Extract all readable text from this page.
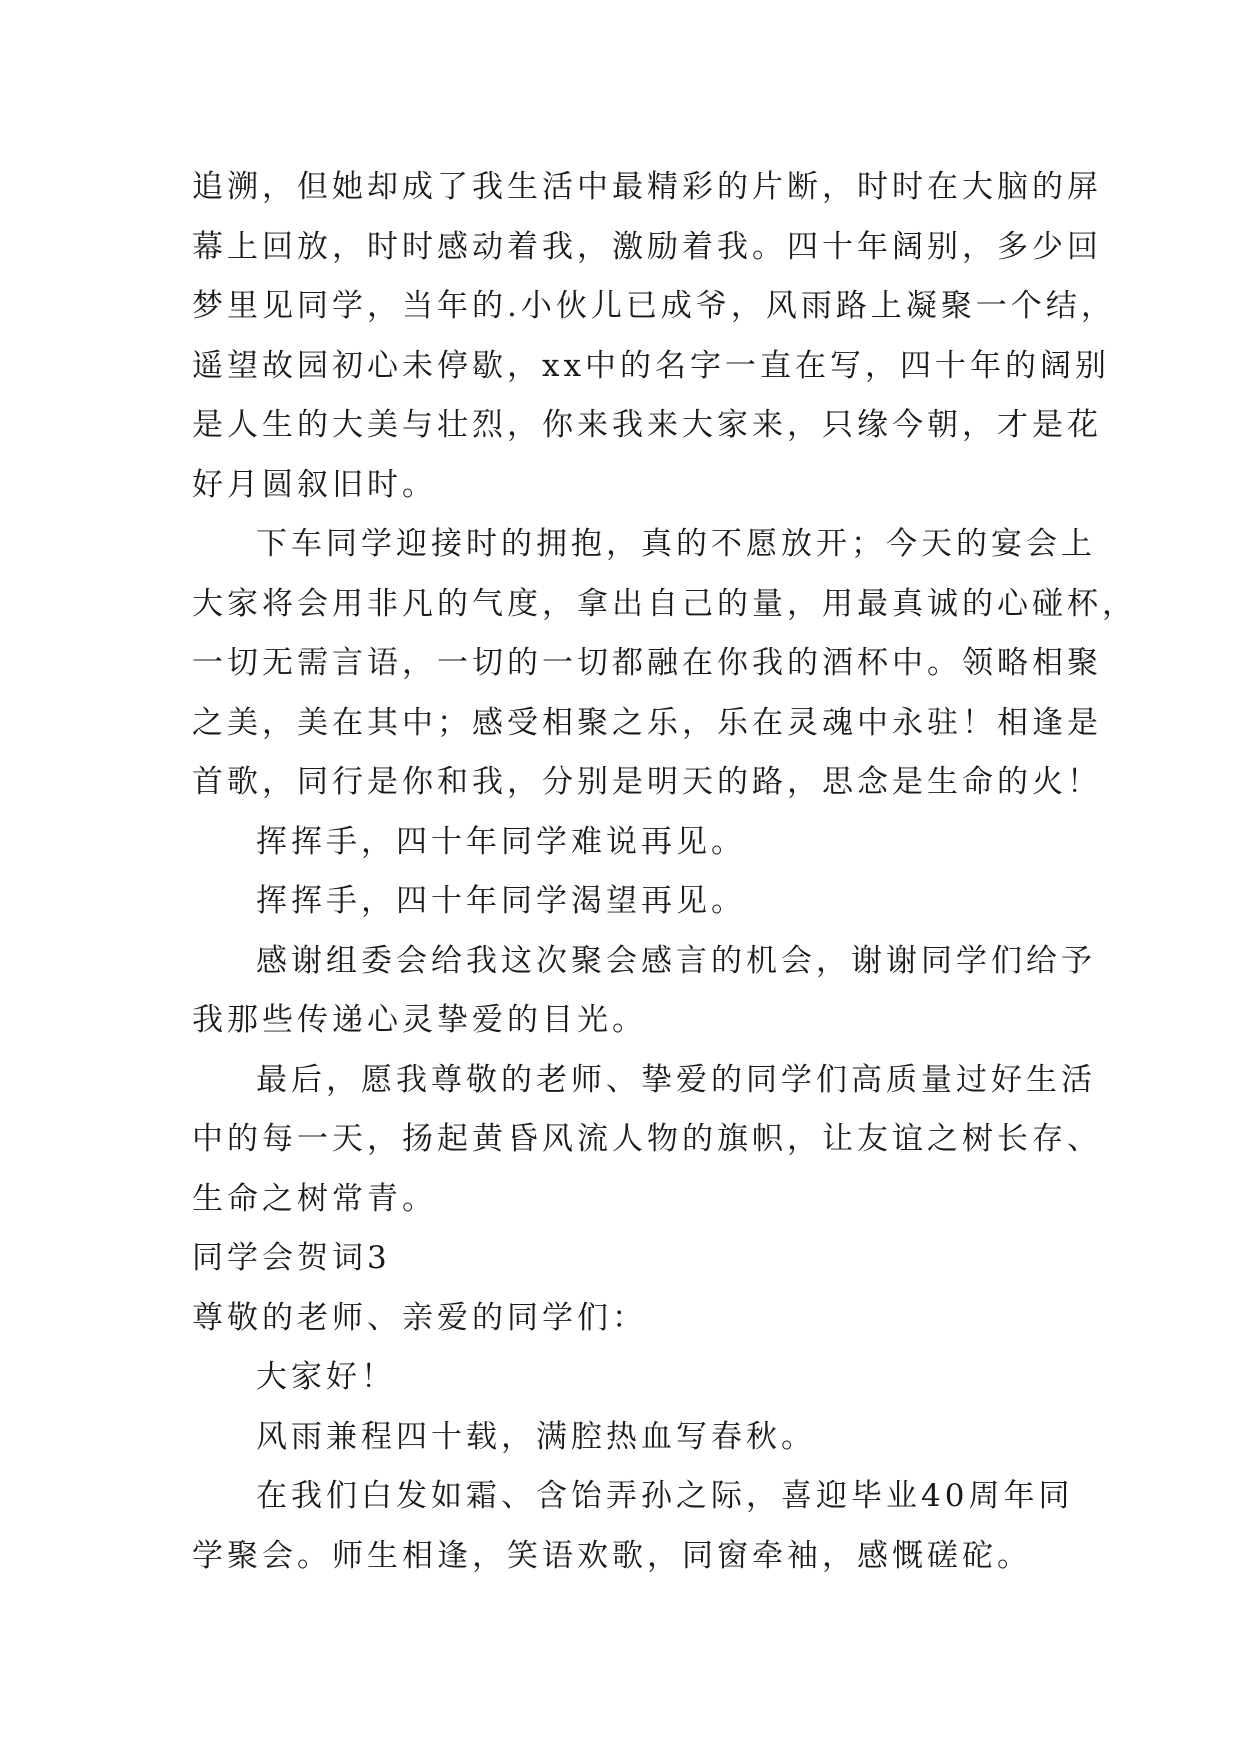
追溯，但她却成了我生活中最精彩的片断，时时在大脑的屏
幕上回放，时时感动着我，激励着我。四十年阔别，多少回
梦里见同学，当年的.小伙儿已成爷，风雨路上凝聚一个结，
遥望故园初心未停歇，xx中的名字一直在写，四十年的阔别
是人生的大美与壮烈，你来我来大家来，只缘今朝，才是花
好月圆叙旧时。
下车同学迎接时的拥抱，真的不愿放开；今天的宴会上
大家将会用非凡的气度，拿出自己的量，用最真诚的心碰杯，
一切无需言语，一切的一切都融在你我的酒杯中。领略相聚
之美，美在其中；感受相聚之乐，乐在灵魂中永驻！相逢是
首歌，同行是你和我，分别是明天的路，思念是生命的火！
挥挥手，四十年同学难说再见。
挥挥手，四十年同学渴望再见。
感谢组委会给我这次聚会感言的机会，谢谢同学们给予
我那些传递心灵挚爱的目光。
最后，愿我尊敬的老师、挚爱的同学们高质量过好生活
中的每一天，扬起黄昏风流人物的旗帜，让友谊之树长存、
生命之树常青。
同学会贺词3
尊敬的老师、亲爱的同学们：
大家好！
风雨兼程四十载，满腔热血写春秋。
在我们白发如霜、含饴弄孙之际，喜迎毕业40周年同
学聚会。师生相逢，笑语欢歌，同窗牵袖，感慨磋砣。
